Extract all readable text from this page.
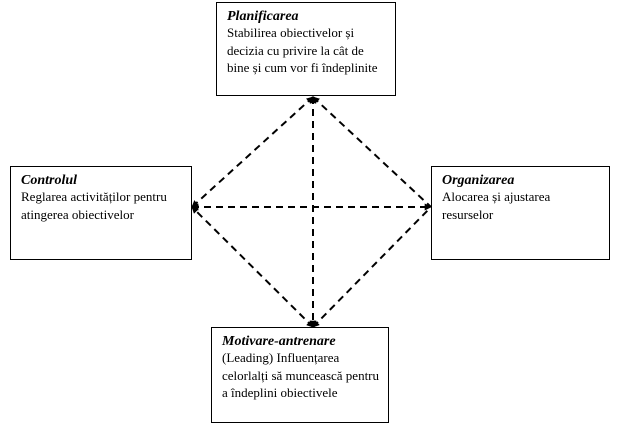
Planificarea
Stabilirea obiectivelor și decizia cu privire la cât de bine și cum vor fi îndeplinite
Controlul
Reglarea activităților pentru atingerea obiectivelor
Organizarea
Alocarea și ajustarea resurselor
Motivare-antrenare
(Leading) Influențarea celorlalți să muncească pentru a îndeplini obiectivele
